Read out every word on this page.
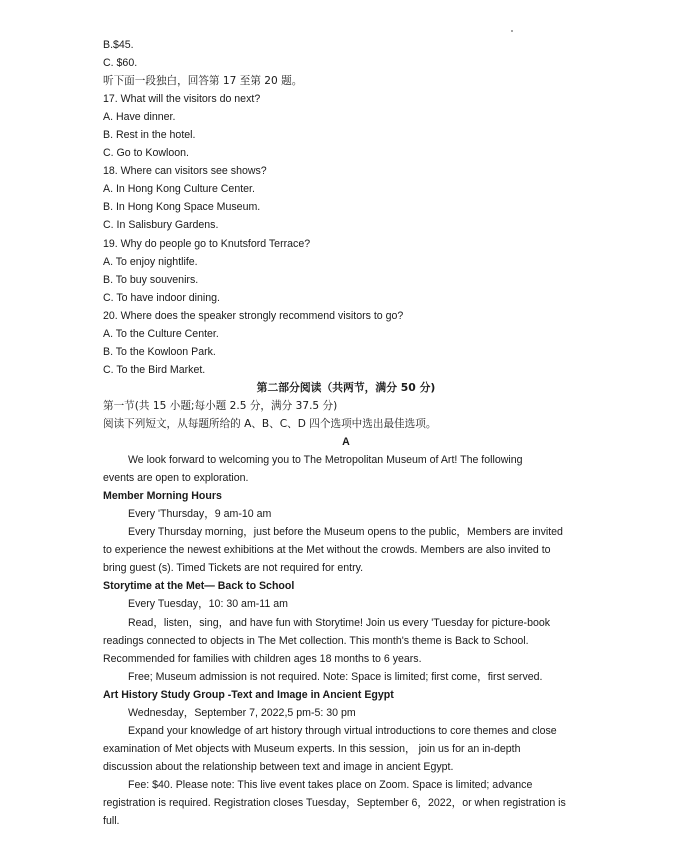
B.$45.
C. $60.
听下面一段独白，回答第 17 至第 20 题。
17. What will the visitors do next?
A. Have dinner.
B. Rest in the hotel.
C. Go to Kowloon.
18. Where can visitors see shows?
A. In Hong Kong Culture Center.
B. In Hong Kong Space Museum.
C. In Salisbury Gardens.
19. Why do people go to Knutsford Terrace?
A. To enjoy nightlife.
B. To buy souvenirs.
C. To have indoor dining.
20. Where does the speaker strongly recommend visitors to go?
A. To the Culture Center.
B. To the Kowloon Park.
C. To the Bird Market.
第二部分阅读（共两节，满分 50 分)
第一节(共 15 小题;每小题 2.5 分，满分 37.5 分)
阅读下列短文，从每题所给的 A、B、C、D 四个选项中选出最佳选项。
A
We look forward to welcoming you to The Metropolitan Museum of Art! The following
events are open to exploration.
Member Morning Hours
Every 'Thursday，9 am-10 am
Every Thursday morning，just before the Museum opens to the public，Members are invited
to experience the newest exhibitions at the Met without the crowds. Members are also invited to
bring guest (s). Timed Tickets are not required for entry.
Storytime at the Met— Back to School
Every Tuesday，10: 30 am-11 am
Read，listen，sing，and have fun with Storytime! Join us every 'Tuesday for picture-book
readings connected to objects in The Met collection. This month's theme is Back to School.
Recommended for families with children ages 18 months to 6 years.
Free; Museum admission is not required. Note: Space is limited; first come，first served.
Art History Study Group -Text and Image in Ancient Egypt
Wednesday，September 7, 2022,5 pm-5: 30 pm
Expand your knowledge of art history through virtual introductions to core themes and close
examination of Met objects with Museum experts. In this session， join us for an in-depth
discussion about the relationship between text and image in ancient Egypt.
Fee: $40. Please note: This live event takes place on Zoom. Space is limited; advance
registration is required. Registration closes Tuesday，September 6，2022，or when registration is
full.
